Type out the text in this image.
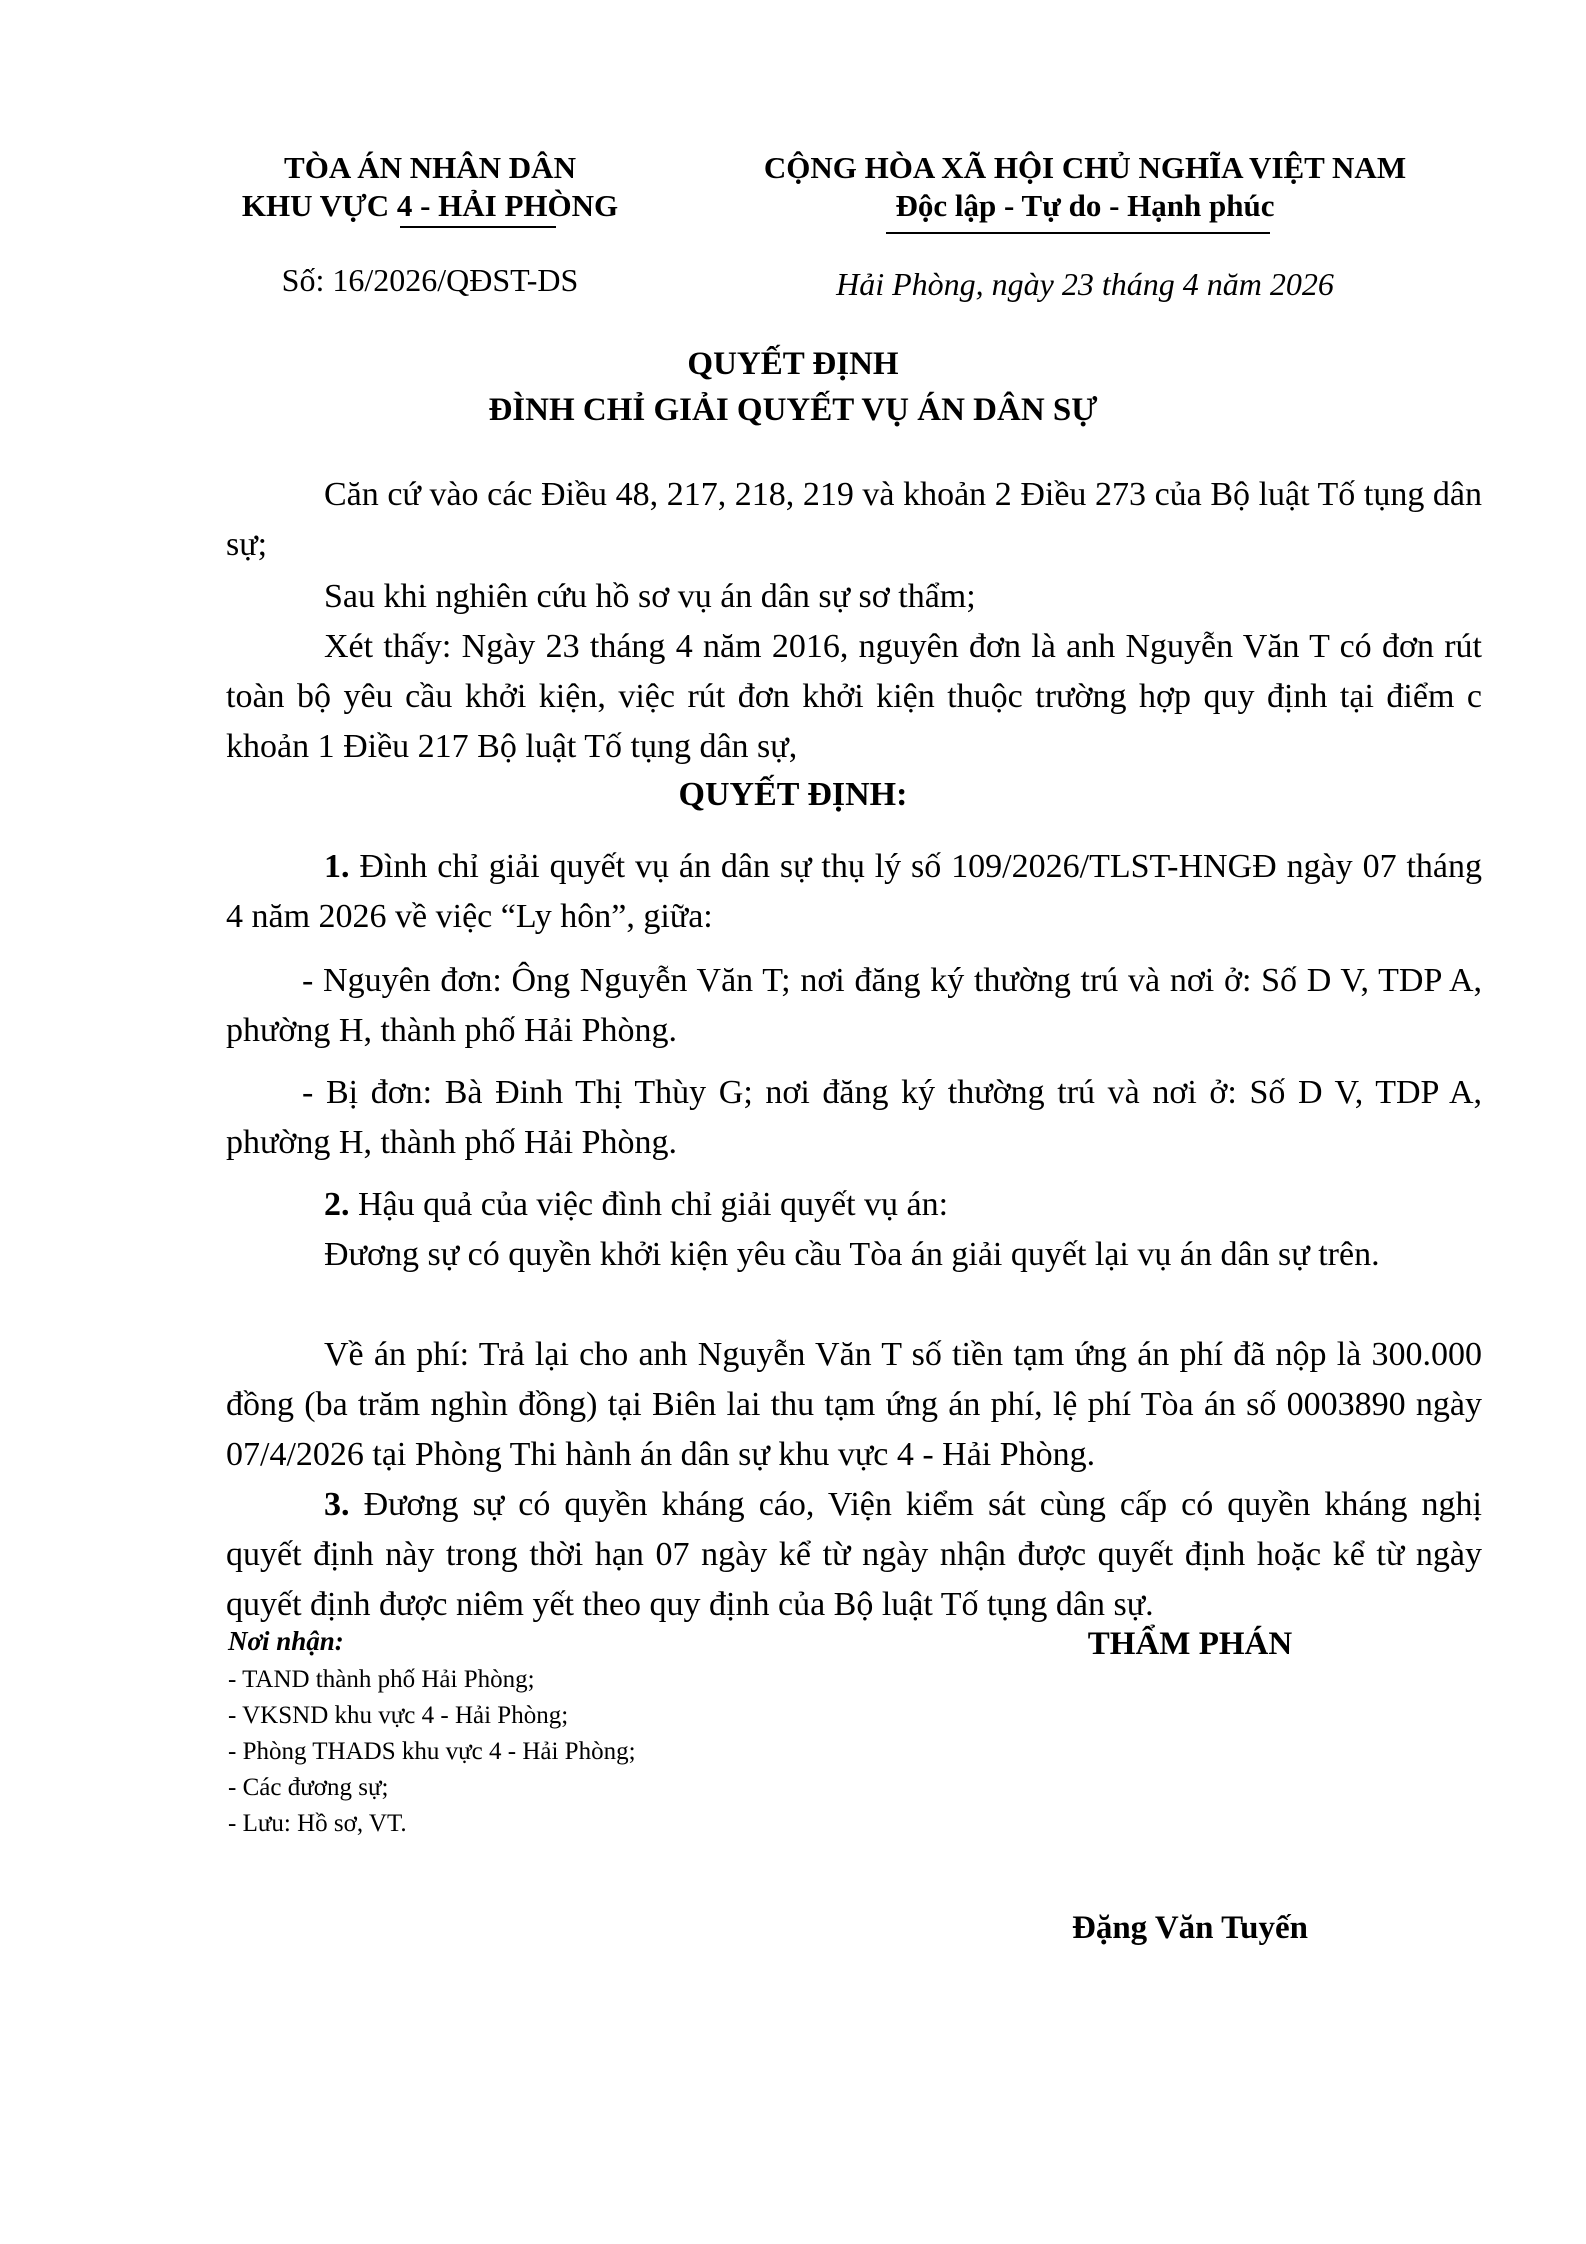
TÒA ÁN NHÂN DÂN
KHU VỰC 4 - HẢI PHÒNG
CỘNG HÒA XÃ HỘI CHỦ NGHĨA VIỆT NAM
Độc lập - Tự do - Hạnh phúc
Số: 16/2026/QĐST-DS	Hải Phòng, ngày 23 tháng 4 năm 2026
QUYẾT ĐỊNH
ĐÌNH CHỈ GIẢI QUYẾT VỤ ÁN DÂN SỰ

Căn cứ vào các Điều 48, 217, 218, 219 và khoản 2 Điều 273 của Bộ luật Tố tụng dân sự;

Sau khi nghiên cứu hồ sơ vụ án dân sự sơ thẩm;

Xét thấy: Ngày 23 tháng 4 năm 2016, nguyên đơn là anh Nguyễn Văn T có đơn rút toàn bộ yêu cầu khởi kiện, việc rút đơn khởi kiện thuộc trường hợp quy định tại điểm c khoản 1 Điều 217 Bộ luật Tố tụng dân sự,

QUYẾT ĐỊNH:

1. Đình chỉ giải quyết vụ án dân sự thụ lý số 109/2026/TLST-HNGĐ ngày 07 tháng 4 năm 2026 về việc “Ly hôn”, giữa:

- Nguyên đơn: Ông Nguyễn Văn T; nơi đăng ký thường trú và nơi ở: Số D V, TDP A, phường H, thành phố Hải Phòng.

- Bị đơn: Bà Đinh Thị Thùy G; nơi đăng ký thường trú và nơi ở: Số D V, TDP A, phường H, thành phố Hải Phòng.

2. Hậu quả của việc đình chỉ giải quyết vụ án:

Đương sự có quyền khởi kiện yêu cầu Tòa án giải quyết lại vụ án dân sự trên.

Về án phí: Trả lại cho anh Nguyễn Văn T số tiền tạm ứng án phí đã nộp là 300.000 đồng (ba trăm nghìn đồng) tại Biên lai thu tạm ứng án phí, lệ phí Tòa án số 0003890 ngày 07/4/2026 tại Phòng Thi hành án dân sự khu vực 4 - Hải Phòng.

3. Đương sự có quyền kháng cáo, Viện kiểm sát cùng cấp có quyền kháng nghị quyết định này trong thời hạn 07 ngày kể từ ngày nhận được quyết định hoặc kể từ ngày quyết định được niêm yết theo quy định của Bộ luật Tố tụng dân sự.

Nơi nhận:
- TAND thành phố Hải Phòng;
- VKSND khu vực 4 - Hải Phòng;
- Phòng THADS khu vực 4 - Hải Phòng;
- Các đương sự;
- Lưu: Hồ sơ, VT.
THẨM PHÁN
Đặng Văn Tuyến
